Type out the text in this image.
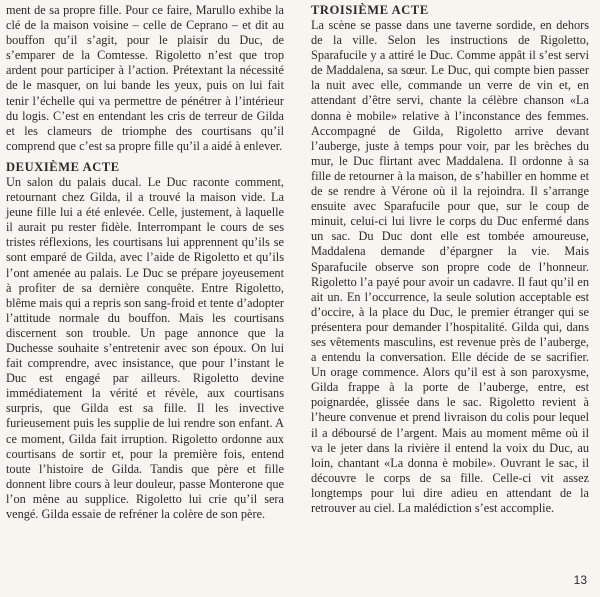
ment de sa propre fille. Pour ce faire, Marullo exhibe la clé de la maison voisine – celle de Ceprano – et dit au bouffon qu’il s’agit, pour le plaisir du Duc, de s’emparer de la Comtesse. Rigoletto n’est que trop ardent pour participer à l’action. Prétextant la nécessité de le masquer, on lui bande les yeux, puis on lui fait tenir l’échelle qui va permettre de pénétrer à l’intérieur du logis. C’est en entendant les cris de terreur de Gilda et les clameurs de triomphe des courtisans qu’il comprend que c’est sa propre fille qu’il a aidé à enlever.

DEUXIÈME ACTE

Un salon du palais ducal. Le Duc raconte comment, retournant chez Gilda, il a trouvé la maison vide. La jeune fille lui a été enlevée. Celle, justement, à laquelle il aurait pu rester fidèle. Interrompant le cours de ses tristes réflexions, les courtisans lui apprennent qu’ils se sont emparé de Gilda, avec l’aide de Rigoletto et qu’ils l’ont amenée au palais. Le Duc se prépare joyeusement à profiter de sa dernière conquête. Entre Rigoletto, blême mais qui a repris son sang-froid et tente d’adopter l’attitude normale du bouffon. Mais les courtisans discernent son trouble. Un page annonce que la Duchesse souhaite s’entretenir avec son époux. On lui fait comprendre, avec insistance, que pour l’instant le Duc est engagé par ailleurs. Rigoletto devine immédiatement la vérité et révèle, aux courtisans surpris, que Gilda est sa fille. Il les invective furieusement puis les supplie de lui rendre son enfant. A ce moment, Gilda fait irruption. Rigoletto ordonne aux courtisans de sortir et, pour la première fois, entend toute l’histoire de Gilda. Tandis que père et fille donnent libre cours à leur douleur, passe Monterone que l’on mène au supplice. Rigoletto lui crie qu’il sera vengé. Gilda essaie de refréner la colère de son père.

TROISIÈME ACTE

La scène se passe dans une taverne sordide, en dehors de la ville. Selon les instructions de Rigoletto, Sparafucile y a attiré le Duc. Comme appât il s’est servi de Maddalena, sa sœur. Le Duc, qui compte bien passer la nuit avec elle, commande un verre de vin et, en attendant d’être servi, chante la célèbre chanson «La donna è mobile» relative à l’inconstance des femmes. Accompagné de Gilda, Rigoletto arrive devant l’auberge, juste à temps pour voir, par les brèches du mur, le Duc flirtant avec Maddalena. Il ordonne à sa fille de retourner à la maison, de s’habiller en homme et de se rendre à Vérone où il la rejoindra. Il s’arrange ensuite avec Sparafucile pour que, sur le coup de minuit, celui-ci lui livre le corps du Duc enfermé dans un sac. Du Duc dont elle est tombée amoureuse, Maddalena demande d’épargner la vie. Mais Sparafucile observe son propre code de l’honneur. Rigoletto l’a payé pour avoir un cadavre. Il faut qu’il en ait un. En l’occurrence, la seule solution acceptable est d’occire, à la place du Duc, le premier étranger qui se présentera pour demander l’hospitalité. Gilda qui, dans ses vêtements masculins, est revenue près de l’auberge, a entendu la conversation. Elle décide de se sacrifier. Un orage commence. Alors qu’il est à son paroxysme, Gilda frappe à la porte de l’auberge, entre, est poignardée, glissée dans le sac. Rigoletto revient à l’heure convenue et prend livraison du colis pour lequel il a déboursé de l’argent. Mais au moment même où il va le jeter dans la rivière il entend la voix du Duc, au loin, chantant «La donna è mobile». Ouvrant le sac, il découvre le corps de sa fille. Celle-ci vit assez longtemps pour lui dire adieu en attendant de la retrouver au ciel. La malédiction s’est accomplie.

13
